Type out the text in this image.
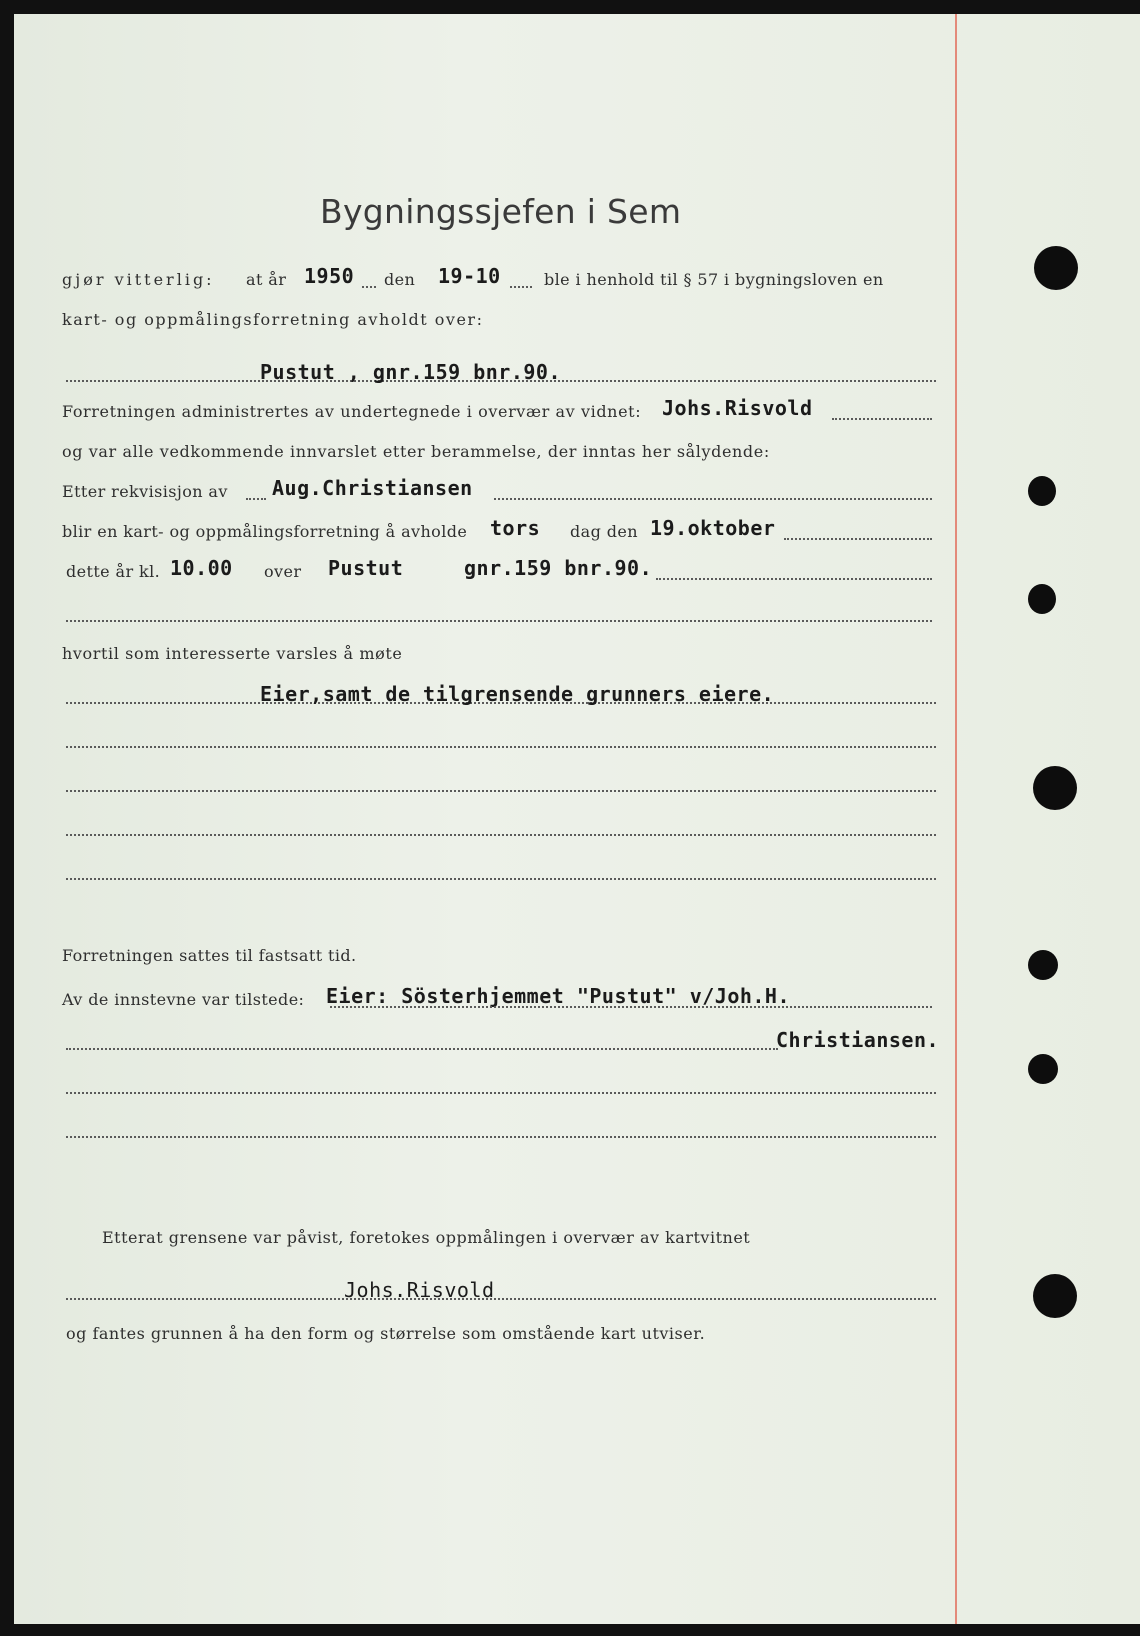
Bygningssjefen i Sem
gjør vitterlig: at år 1950 den 19-10	ble i henhold til § 57 i bygningsloven en
kart- og oppmålingsforretning avholdt over:
Pustut , gnr.159 bnr.90.
Forretningen administrertes av undertegnede i overvær av vidnet: Johs.Risvold
og var alle vedkommende innvarslet etter berammelse, der inntas her sålydende:
Etter rekvisisjon av Aug.Christiansen
blir en kart- og oppmålingsforretning å avholde tors dag den 19.oktober
dette år kl. 10.00 over Pustut	gnr.159 bnr.90.
hvortil som interesserte varsles å møte
Eier,samt de tilgrensende grunners eiere.
Forretningen sattes til fastsatt tid.
Av de innstevne var tilstede: Eier: Sösterhjemmet "Pustut" v/Joh.H.
Christiansen.
Etterat grensene var påvist, foretokes oppmålingen i overvær av kartvitnet
Johs.Risvold
og fantes grunnen å ha den form og størrelse som omstående kart utviser.
